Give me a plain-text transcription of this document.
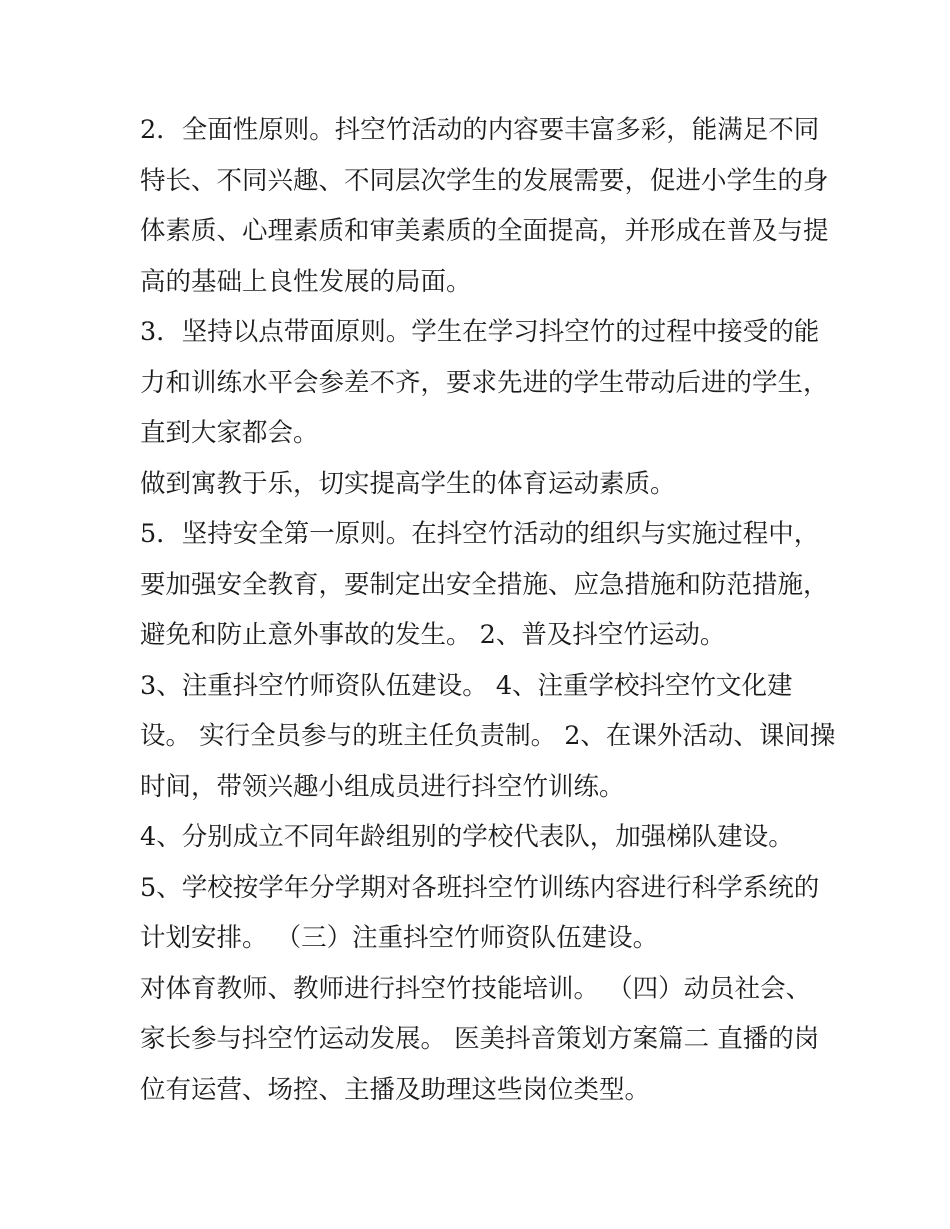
2．全面性原则。抖空竹活动的内容要丰富多彩，能满足不同
特长、不同兴趣、不同层次学生的发展需要，促进小学生的身
体素质、心理素质和审美素质的全面提高，并形成在普及与提
高的基础上良性发展的局面。
3．坚持以点带面原则。学生在学习抖空竹的过程中接受的能
力和训练水平会参差不齐，要求先进的学生带动后进的学生，
直到大家都会。
做到寓教于乐，切实提高学生的体育运动素质。
5．坚持安全第一原则。在抖空竹活动的组织与实施过程中，
要加强安全教育，要制定出安全措施、应急措施和防范措施，
避免和防止意外事故的发生。 2、普及抖空竹运动。
3、注重抖空竹师资队伍建设。 4、注重学校抖空竹文化建
设。 实行全员参与的班主任负责制。 2、在课外活动、课间操
时间，带领兴趣小组成员进行抖空竹训练。
4、分别成立不同年龄组别的学校代表队，加强梯队建设。
5、学校按学年分学期对各班抖空竹训练内容进行科学系统的
计划安排。 （三）注重抖空竹师资队伍建设。
对体育教师、教师进行抖空竹技能培训。 （四）动员社会、
家长参与抖空竹运动发展。 医美抖音策划方案篇二 直播的岗
位有运营、场控、主播及助理这些岗位类型。
